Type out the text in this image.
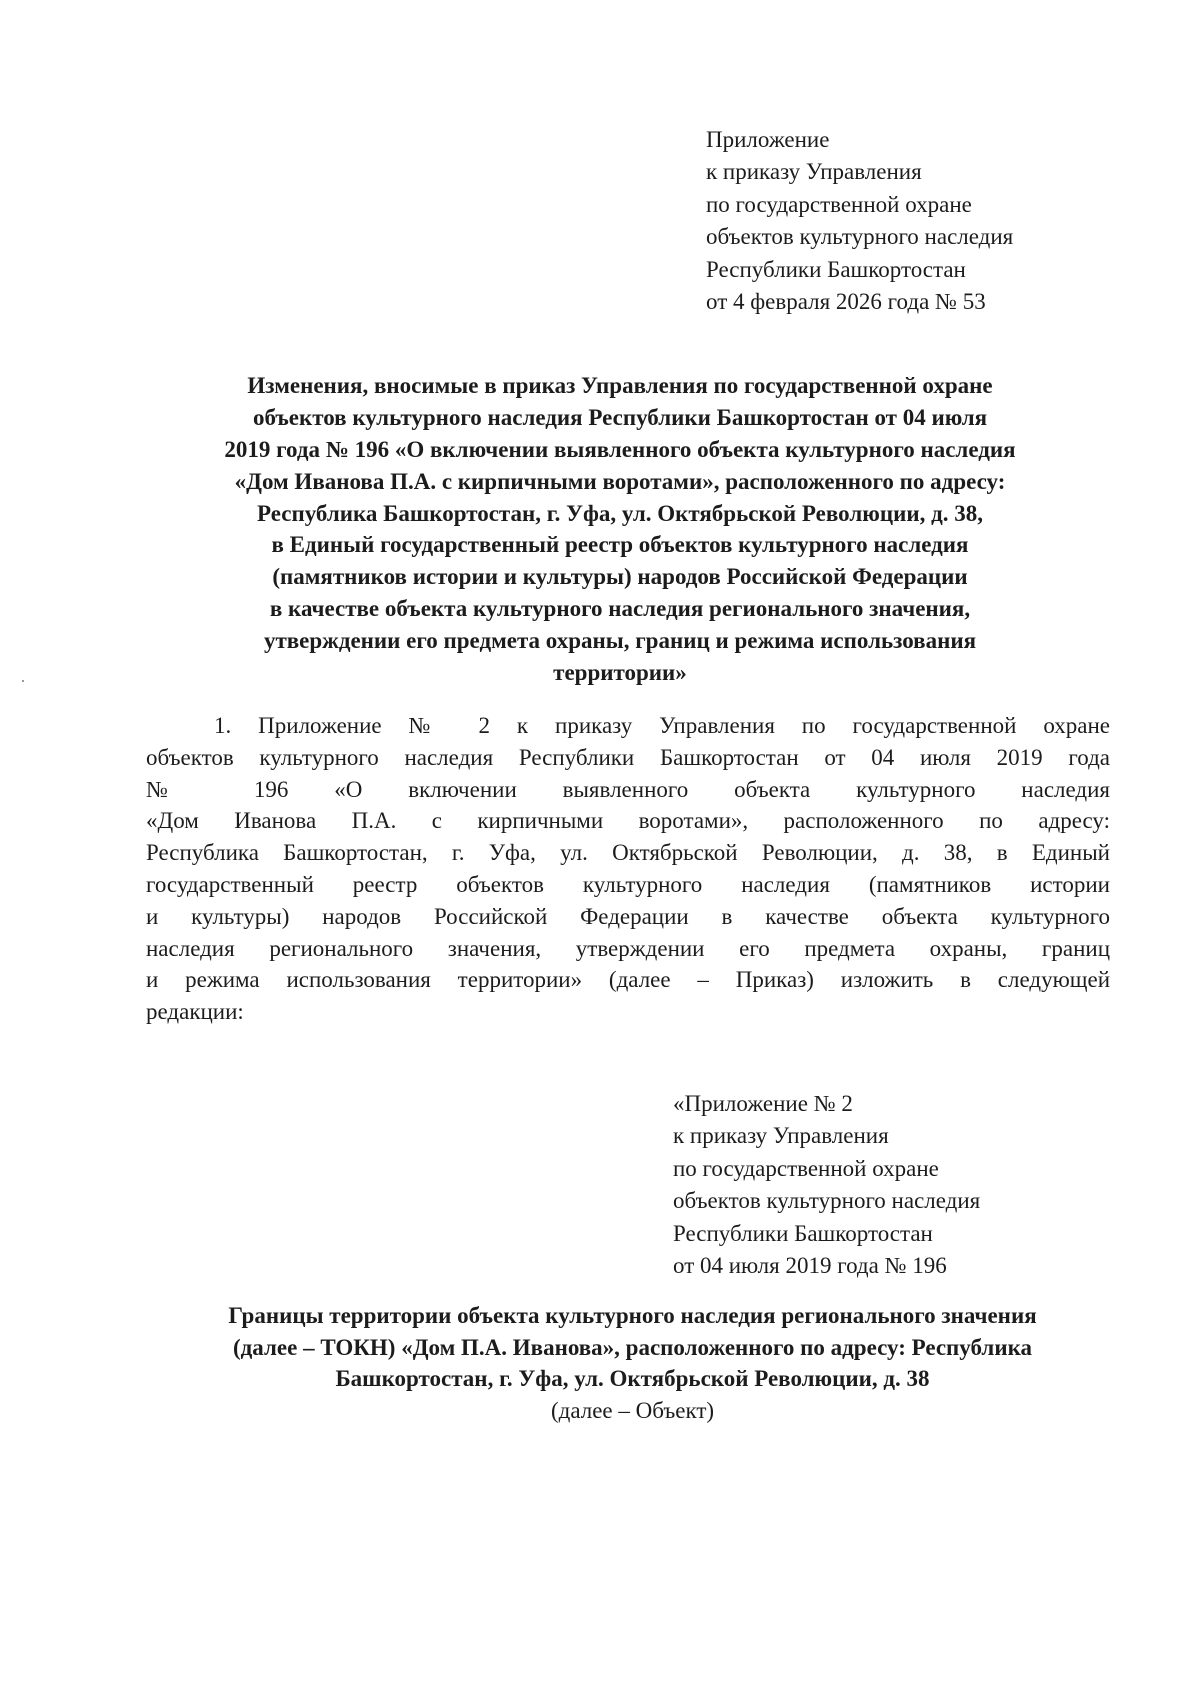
Приложение
к приказу Управления
по государственной охране
объектов культурного наследия
Республики Башкортостан
от 4 февраля 2026 года № 53
Изменения, вносимые в приказ Управления по государственной охране
объектов культурного наследия Республики Башкортостан от 04 июля
2019 года № 196 «О включении выявленного объекта культурного наследия
«Дом Иванова П.А. с кирпичными воротами», расположенного по адресу:
Республика Башкортостан, г. Уфа, ул. Октябрьской Революции, д. 38,
в Единый государственный реестр объектов культурного наследия
(памятников истории и культуры) народов Российской Федерации
в качестве объекта культурного наследия регионального значения,
утверждении его предмета охраны, границ и режима использования
территории»
1. Приложение № 2 к приказу Управления по государственной охране
объектов культурного наследия Республики Башкортостан от 04 июля 2019 года
№ 196 «О включении выявленного объекта культурного наследия
«Дом Иванова П.А. с кирпичными воротами», расположенного по адресу:
Республика Башкортостан, г. Уфа, ул. Октябрьской Революции, д. 38, в Единый
государственный реестр объектов культурного наследия (памятников истории
и культуры) народов Российской Федерации в качестве объекта культурного
наследия регионального значения, утверждении его предмета охраны, границ
и режима использования территории» (далее – Приказ) изложить в следующей
редакции:
«Приложение № 2
к приказу Управления
по государственной охране
объектов культурного наследия
Республики Башкортостан
от 04 июля 2019 года № 196
Границы территории объекта культурного наследия регионального значения
(далее – ТОКН) «Дом П.А. Иванова», расположенного по адресу: Республика
Башкортостан, г. Уфа, ул. Октябрьской Революции, д. 38
(далее – Объект)
